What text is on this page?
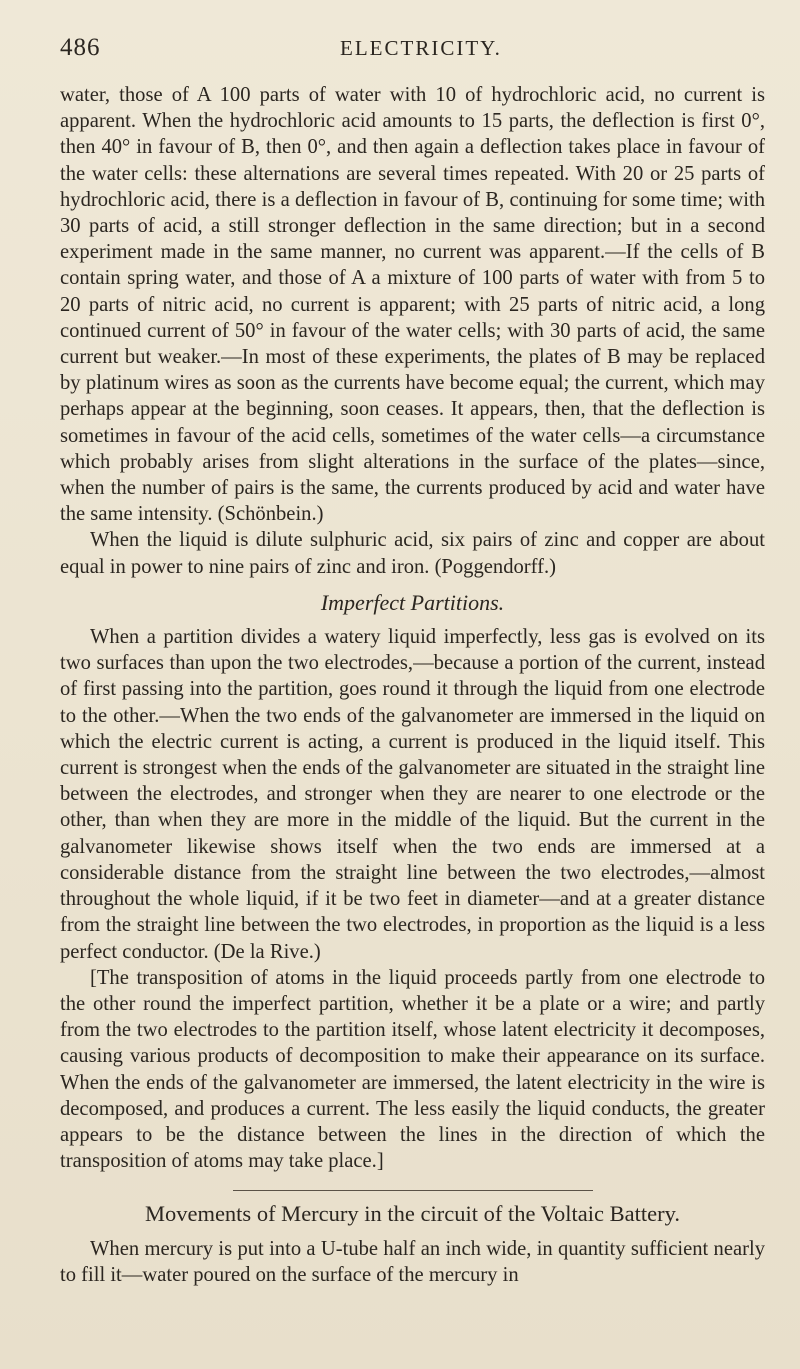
486	ELECTRICITY.

water, those of A 100 parts of water with 10 of hydrochloric acid, no current is apparent. When the hydrochloric acid amounts to 15 parts, the deflection is first 0°, then 40° in favour of B, then 0°, and then again a deflection takes place in favour of the water cells: these alternations are several times repeated. With 20 or 25 parts of hydrochloric acid, there is a deflection in favour of B, continuing for some time; with 30 parts of acid, a still stronger deflection in the same direction; but in a second experiment made in the same manner, no current was apparent.—If the cells of B contain spring water, and those of A a mixture of 100 parts of water with from 5 to 20 parts of nitric acid, no current is apparent; with 25 parts of nitric acid, a long continued current of 50° in favour of the water cells; with 30 parts of acid, the same current but weaker.—In most of these experiments, the plates of B may be replaced by platinum wires as soon as the currents have become equal; the current, which may perhaps appear at the beginning, soon ceases. It appears, then, that the deflection is sometimes in favour of the acid cells, sometimes of the water cells—a circumstance which probably arises from slight alterations in the surface of the plates—since, when the number of pairs is the same, the currents produced by acid and water have the same intensity. (Schönbein.)

When the liquid is dilute sulphuric acid, six pairs of zinc and copper are about equal in power to nine pairs of zinc and iron. (Poggendorff.)

Imperfect Partitions.

When a partition divides a watery liquid imperfectly, less gas is evolved on its two surfaces than upon the two electrodes,—because a portion of the current, instead of first passing into the partition, goes round it through the liquid from one electrode to the other.—When the two ends of the galvanometer are immersed in the liquid on which the electric current is acting, a current is produced in the liquid itself. This current is strongest when the ends of the galvanometer are situated in the straight line between the electrodes, and stronger when they are nearer to one electrode or the other, than when they are more in the middle of the liquid. But the current in the galvanometer likewise shows itself when the two ends are immersed at a considerable distance from the straight line between the two electrodes,—almost throughout the whole liquid, if it be two feet in diameter—and at a greater distance from the straight line between the two electrodes, in proportion as the liquid is a less perfect conductor. (De la Rive.)

[The transposition of atoms in the liquid proceeds partly from one electrode to the other round the imperfect partition, whether it be a plate or a wire; and partly from the two electrodes to the partition itself, whose latent electricity it decomposes, causing various products of decomposition to make their appearance on its surface. When the ends of the galvanometer are immersed, the latent electricity in the wire is decomposed, and produces a current. The less easily the liquid conducts, the greater appears to be the distance between the lines in the direction of which the transposition of atoms may take place.]

Movements of Mercury in the circuit of the Voltaic Battery.

When mercury is put into a U-tube half an inch wide, in quantity sufficient nearly to fill it—water poured on the surface of the mercury in
